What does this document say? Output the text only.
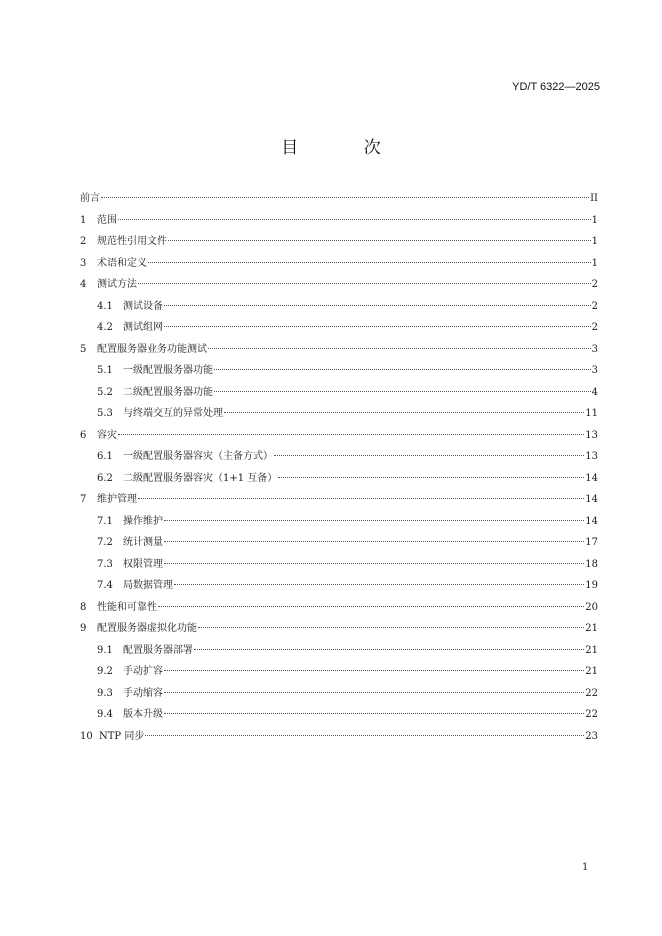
YD/T 6322—2025
目 次
前言	II
1	范围	1
2	规范性引用文件	1
3	术语和定义	1
4	测试方法	2
4.1	测试设备	2
4.2	测试组网	2
5	配置服务器业务功能测试	3
5.1	一级配置服务器功能	3
5.2	二级配置服务器功能	4
5.3	与终端交互的异常处理	11
6	容灾	13
6.1	一级配置服务器容灾（主备方式）	13
6.2	二级配置服务器容灾（1+1 互备）	14
7	维护管理	14
7.1	操作维护	14
7.2	统计测量	17
7.3	权限管理	18
7.4	局数据管理	19
8	性能和可靠性	20
9	配置服务器虚拟化功能	21
9.1	配置服务器部署	21
9.2	手动扩容	21
9.3	手动缩容	22
9.4	版本升级	22
10 NTP 同步	23
1
